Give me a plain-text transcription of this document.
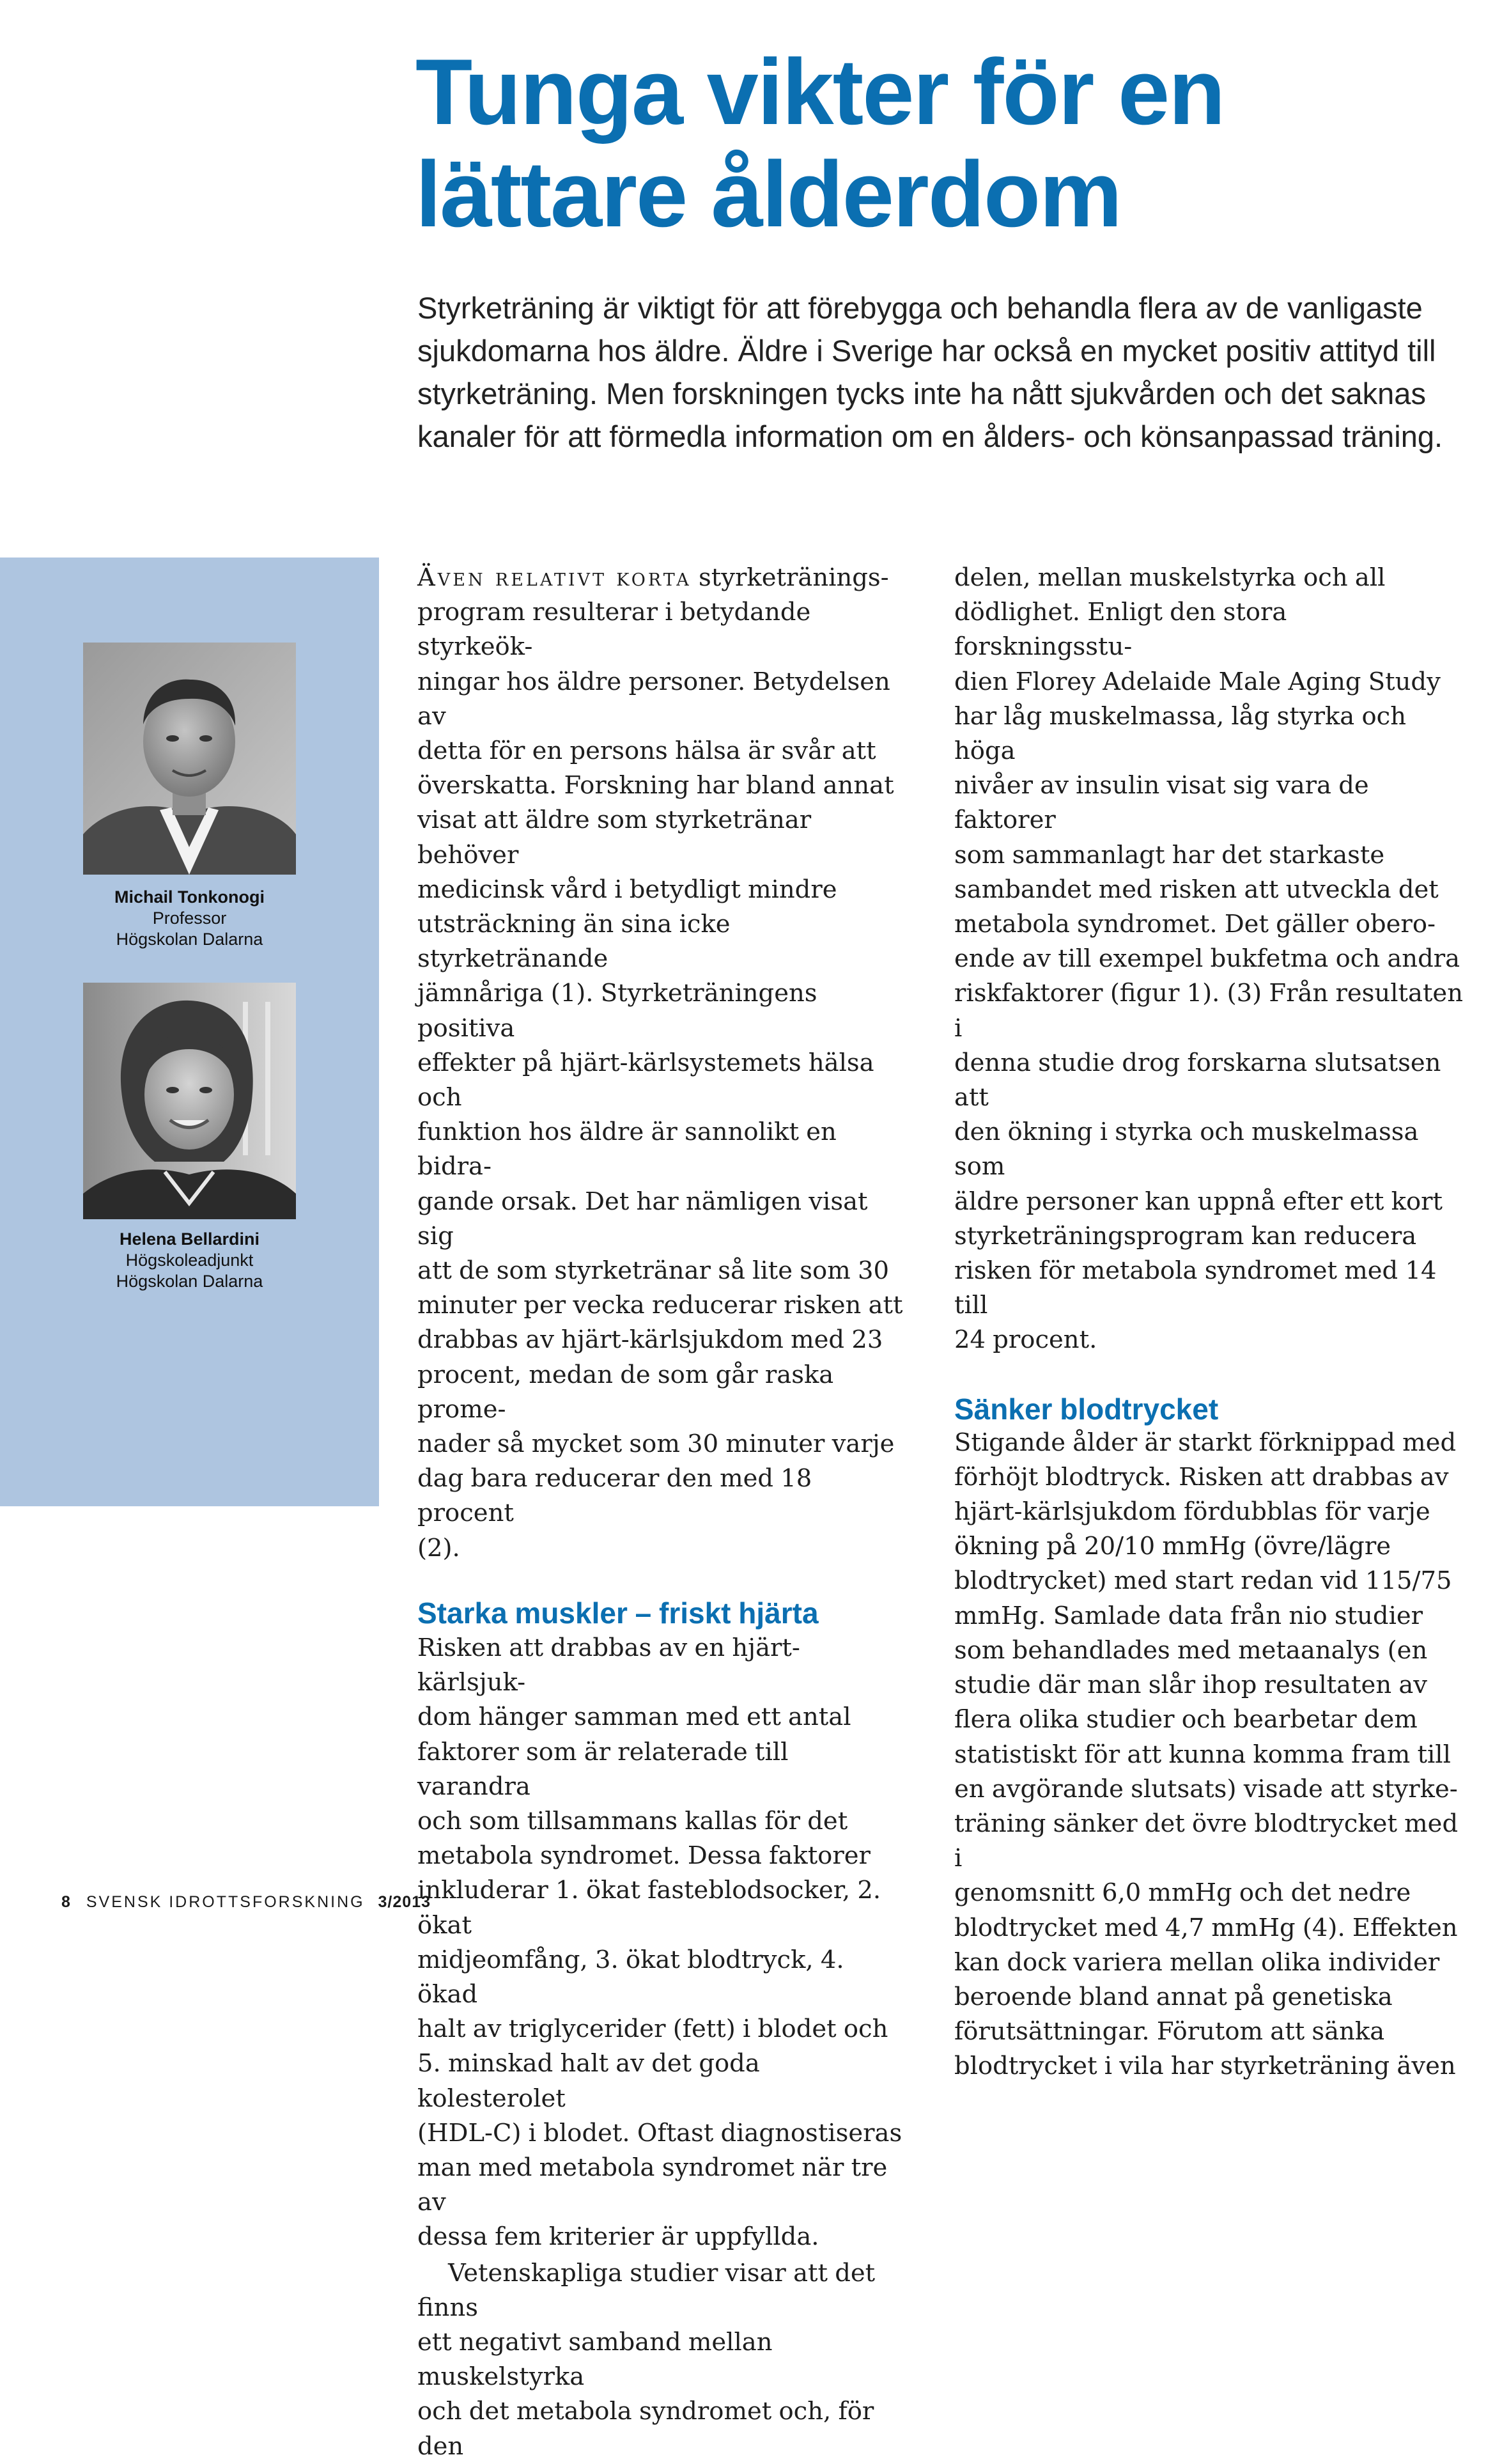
Tunga vikter för en lättare ålderdom

Styrketräning är viktigt för att förebygga och behandla flera av de vanligaste sjukdomarna hos äldre. Äldre i Sverige har också en mycket positiv attityd till styrketräning. Men forskningen tycks inte ha nått sjukvården och det saknas kanaler för att förmedla information om en ålders- och könsanpassad träning.

Michail Tonkonogi
Professor
Högskolan Dalarna
Helena Bellardini
Högskoleadjunkt
Högskolan Dalarna

Även relativt korta styrketränings-
program resulterar i betydande styrkeök-
ningar hos äldre personer. Betydelsen av
detta för en persons hälsa är svår att
överskatta. Forskning har bland annat
visat att äldre som styrketränar behöver
medicinsk vård i betydligt mindre
utsträckning än sina icke styrketränande
jämnåriga (1). Styrketräningens positiva
effekter på hjärt-kärlsystemets hälsa och
funktion hos äldre är sannolikt en bidra-
gande orsak. Det har nämligen visat sig
att de som styrketränar så lite som 30
minuter per vecka reducerar risken att
drabbas av hjärt-kärlsjukdom med 23
procent, medan de som går raska prome-
nader så mycket som 30 minuter varje
dag bara reducerar den med 18 procent
(2).

Starka muskler – friskt hjärta

Risken att drabbas av en hjärt-kärlsjuk-
dom hänger samman med ett antal
faktorer som är relaterade till varandra
och som tillsammans kallas för det
metabola syndromet. Dessa faktorer
inkluderar 1. ökat fasteblodsocker, 2. ökat
midjeomfång, 3. ökat blodtryck, 4. ökad
halt av triglycerider (fett) i blodet och
5. minskad halt av det goda kolesterolet
(HDL-C) i blodet. Oftast diagnostiseras
man med metabola syndromet när tre av
dessa fem kriterier är uppfyllda.

Vetenskapliga studier visar att det finns
ett negativt samband mellan muskelstyrka
och det metabola syndromet och, för den

delen, mellan muskelstyrka och all
dödlighet. Enligt den stora forskningsstu-
dien Florey Adelaide Male Aging Study
har låg muskelmassa, låg styrka och höga
nivåer av insulin visat sig vara de faktorer
som sammanlagt har det starkaste
sambandet med risken att utveckla det
metabola syndromet. Det gäller obero-
ende av till exempel bukfetma och andra
riskfaktorer (figur 1). (3) Från resultaten i
denna studie drog forskarna slutsatsen att
den ökning i styrka och muskelmassa som
äldre personer kan uppnå efter ett kort
styrketräningsprogram kan reducera
risken för metabola syndromet med 14 till
24 procent.

Sänker blodtrycket

Stigande ålder är starkt förknippad med
förhöjt blodtryck. Risken att drabbas av
hjärt-kärlsjukdom fördubblas för varje
ökning på 20/10 mmHg (övre/lägre
blodtrycket) med start redan vid 115/75
mmHg. Samlade data från nio studier
som behandlades med metaanalys (en
studie där man slår ihop resultaten av
flera olika studier och bearbetar dem
statistiskt för att kunna komma fram till
en avgörande slutsats) visade att styrke-
träning sänker det övre blodtrycket med i
genomsnitt 6,0 mmHg och det nedre
blodtrycket med 4,7 mmHg (4). Effekten
kan dock variera mellan olika individer
beroende bland annat på genetiska
förutsättningar. Förutom att sänka
blodtrycket i vila har styrketräning även

8 SVENSK IDROTTSFORSKNING 3/2013
